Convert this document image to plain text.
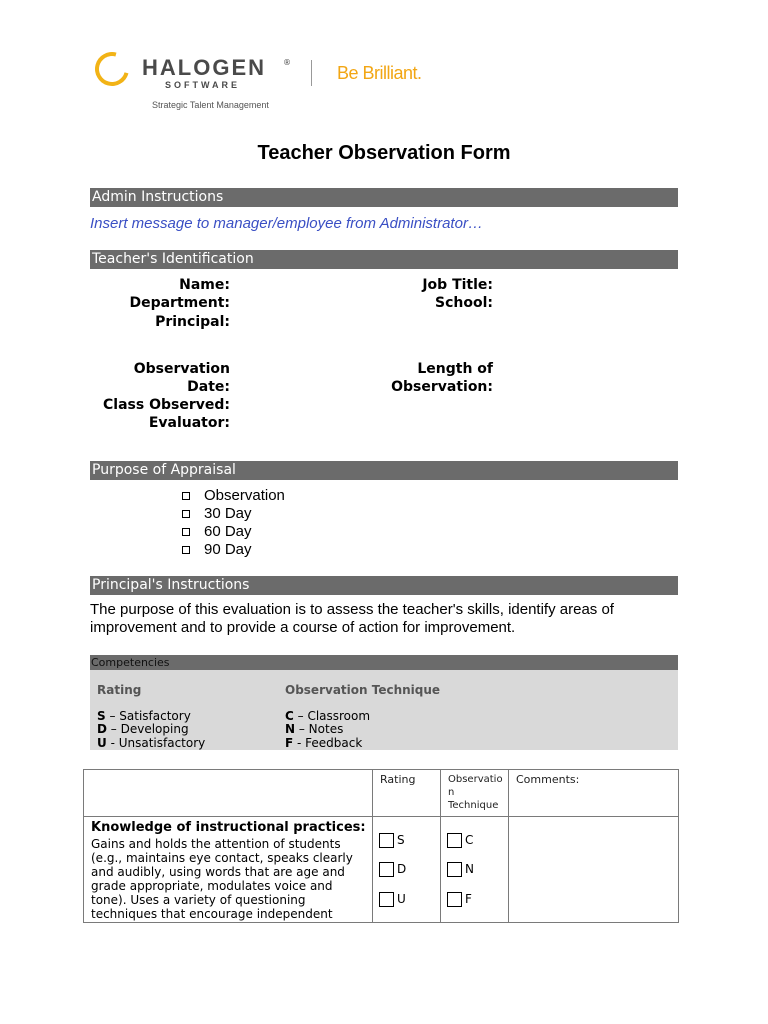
HALOGEN ®
SOFTWARE
Strategic Talent Management
Be Brilliant.
Teacher Observation Form
Admin Instructions
Insert message to manager/employee from Administrator…
Teacher's Identification
Name:
Department:
Principal:
Job Title:
School:
Observation Date:
Length of
Observation:
Class Observed:
Evaluator:
Purpose of Appraisal
Observation
30 Day
60 Day
90 Day
Principal's Instructions
The purpose of this evaluation is to assess the teacher's skills, identify areas of improvement and to provide a course of action for improvement.
Competencies
Rating	Observation Technique
S – Satisfactory
D – Developing
U - Unsatisfactory
C – Classroom
N – Notes
F - Feedback
Rating	Observatio
n
Technique
Comments:
Knowledge of instructional practices:
Gains and holds the attention of students
(e.g., maintains eye contact, speaks clearly
and audibly, using words that are age and
grade appropriate, modulates voice and
tone). Uses a variety of questioning
techniques that encourage independent
S
D
U
C
N
F
